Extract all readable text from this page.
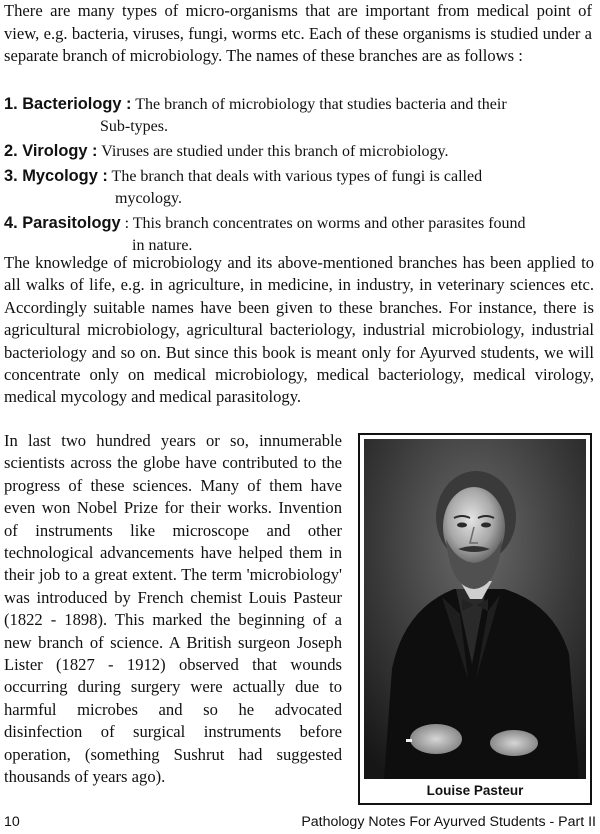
There are many types of micro-organisms that are important from medical point of view, e.g. bacteria, viruses, fungi, worms etc. Each of these organisms is studied under a separate branch of microbiology. The names of these branches are as follows :

1. Bacteriology : The branch of microbiology that studies bacteria and their
Sub-types.
2. Virology : Viruses are studied under this branch of microbiology.
3. Mycology : The branch that deals with various types of fungi is called
mycology.
4. Parasitology : This branch concentrates on worms and other parasites found
in nature.

The knowledge of microbiology and its above-mentioned branches has been applied to all walks of life, e.g. in agriculture, in medicine, in industry, in veterinary sciences etc. Accordingly suitable names have been given to these branches. For instance, there is agricultural microbiology, agricultural bacteriology, industrial microbiology, industrial bacteriology and so on. But since this book is meant only for Ayurved students, we will concentrate only on medical microbiology, medical bacteriology, medical virology, medical mycology and medical parasitology.

In last two hundred years or so, innumerable scientists across the globe have contributed to the progress of these sciences. Many of them have even won Nobel Prize for their works. Invention of instruments like microscope and other technological advancements have helped them in their job to a great extent. The term 'microbiology' was introduced by French chemist Louis Pasteur (1822 - 1898). This marked the beginning of a new branch of science. A British surgeon Joseph Lister (1827 - 1912) observed that wounds occurring during surgery were actually due to harmful microbes and so he advocated disinfection of surgical instruments before operation, (something Sushrut had suggested thousands of years ago).

Louise Pasteur
10	Pathology Notes For Ayurved Students - Part II
